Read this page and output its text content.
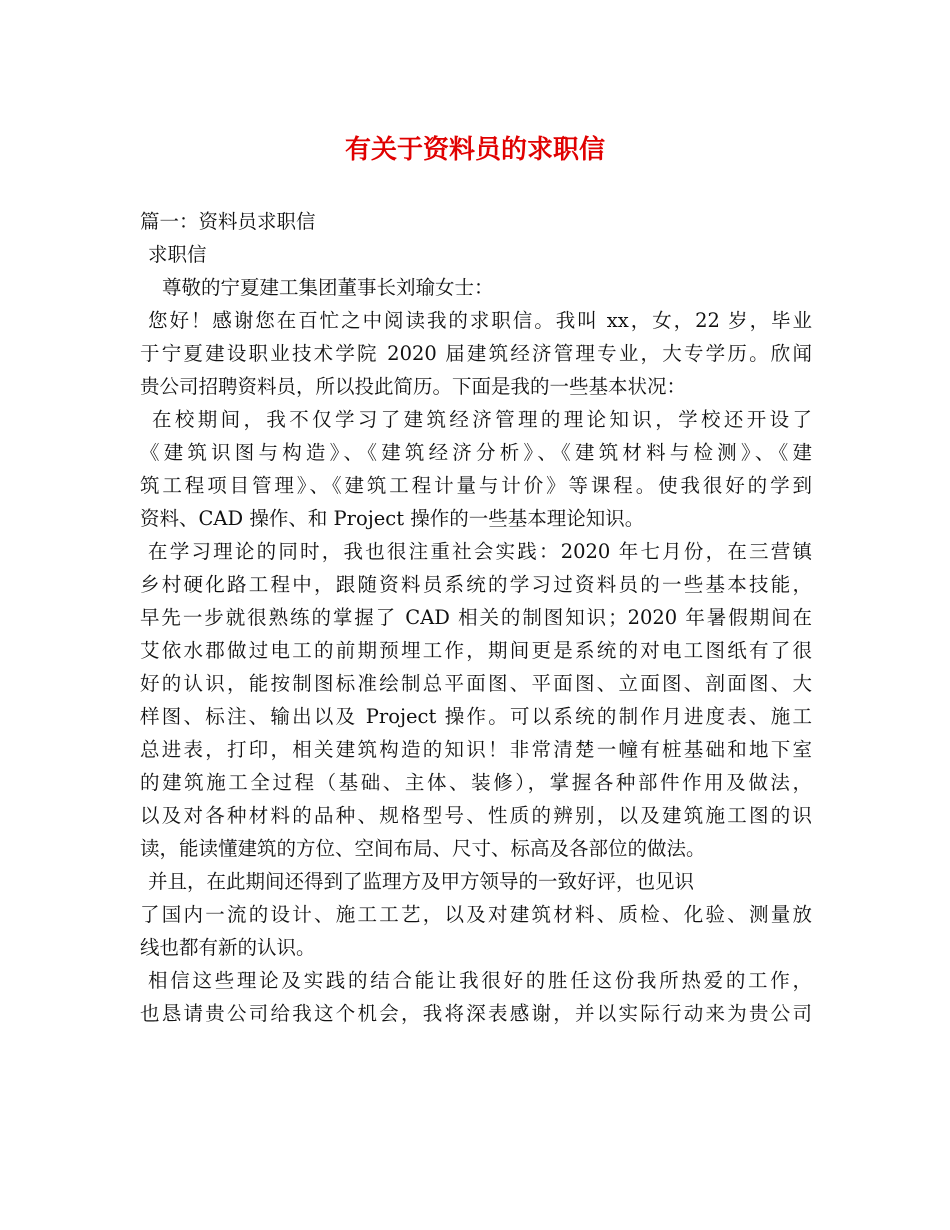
有关于资料员的求职信
篇一：资料员求职信
求职信
尊敬的宁夏建工集团董事长刘瑜女士：
您好！感谢您在百忙之中阅读我的求职信。我叫 xx，女，22 岁，毕业
于宁夏建设职业技术学院 2020 届建筑经济管理专业，大专学历。欣闻
贵公司招聘资料员，所以投此简历。下面是我的一些基本状况：
在校期间，我不仅学习了建筑经济管理的理论知识，学校还开设了
《建筑识图与构造》、《建筑经济分析》、《建筑材料与检测》、《建
筑工程项目管理》、《建筑工程计量与计价》等课程。使我很好的学到
资料、CAD 操作、和 Project 操作的一些基本理论知识。
在学习理论的同时，我也很注重社会实践：2020 年七月份，在三营镇
乡村硬化路工程中，跟随资料员系统的学习过资料员的一些基本技能，
早先一步就很熟练的掌握了 CAD 相关的制图知识；2020 年暑假期间在
艾依水郡做过电工的前期预埋工作，期间更是系统的对电工图纸有了很
好的认识，能按制图标准绘制总平面图、平面图、立面图、剖面图、大
样图、标注、输出以及 Project 操作。可以系统的制作月进度表、施工
总进表，打印，相关建筑构造的知识！非常清楚一幢有桩基础和地下室
的建筑施工全过程（基础、主体、装修），掌握各种部件作用及做法，
以及对各种材料的品种、规格型号、性质的辨别，以及建筑施工图的识
读，能读懂建筑的方位、空间布局、尺寸、标高及各部位的做法。
并且，在此期间还得到了监理方及甲方领导的一致好评，也见识
了国内一流的设计、施工工艺，以及对建筑材料、质检、化验、测量放
线也都有新的认识。
相信这些理论及实践的结合能让我很好的胜任这份我所热爱的工作，
也恳请贵公司给我这个机会，我将深表感谢，并以实际行动来为贵公司
